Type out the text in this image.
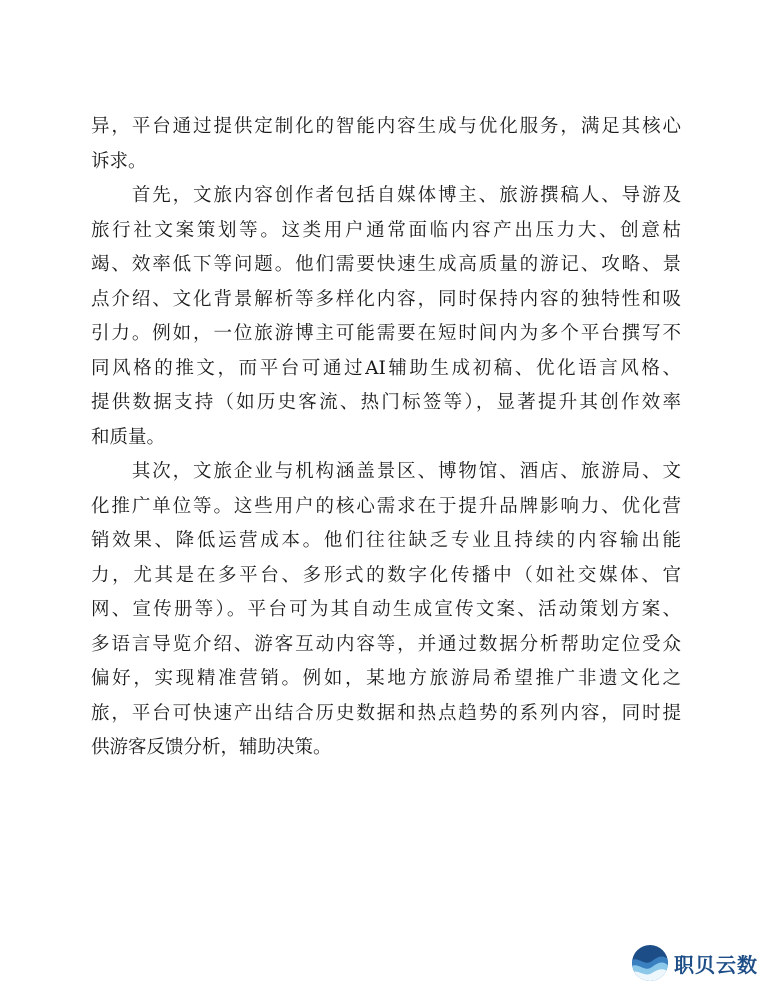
异，平台通过提供定制化的智能内容生成与优化服务，满足其核心
诉求。
　　首先，文旅内容创作者包括自媒体博主、旅游撰稿人、导游及
旅行社文案策划等。这类用户通常面临内容产出压力大、创意枯
竭、效率低下等问题。他们需要快速生成高质量的游记、攻略、景
点介绍、文化背景解析等多样化内容，同时保持内容的独特性和吸
引力。例如，一位旅游博主可能需要在短时间内为多个平台撰写不
同风格的推文，而平台可通过AI辅助生成初稿、优化语言风格、
提供数据支持（如历史客流、热门标签等），显著提升其创作效率
和质量。
　　其次，文旅企业与机构涵盖景区、博物馆、酒店、旅游局、文
化推广单位等。这些用户的核心需求在于提升品牌影响力、优化营
销效果、降低运营成本。他们往往缺乏专业且持续的内容输出能
力，尤其是在多平台、多形式的数字化传播中（如社交媒体、官
网、宣传册等）。平台可为其自动生成宣传文案、活动策划方案、
多语言导览介绍、游客互动内容等，并通过数据分析帮助定位受众
偏好，实现精准营销。例如，某地方旅游局希望推广非遗文化之
旅，平台可快速产出结合历史数据和热点趋势的系列内容，同时提
供游客反馈分析，辅助决策。
职贝云数
